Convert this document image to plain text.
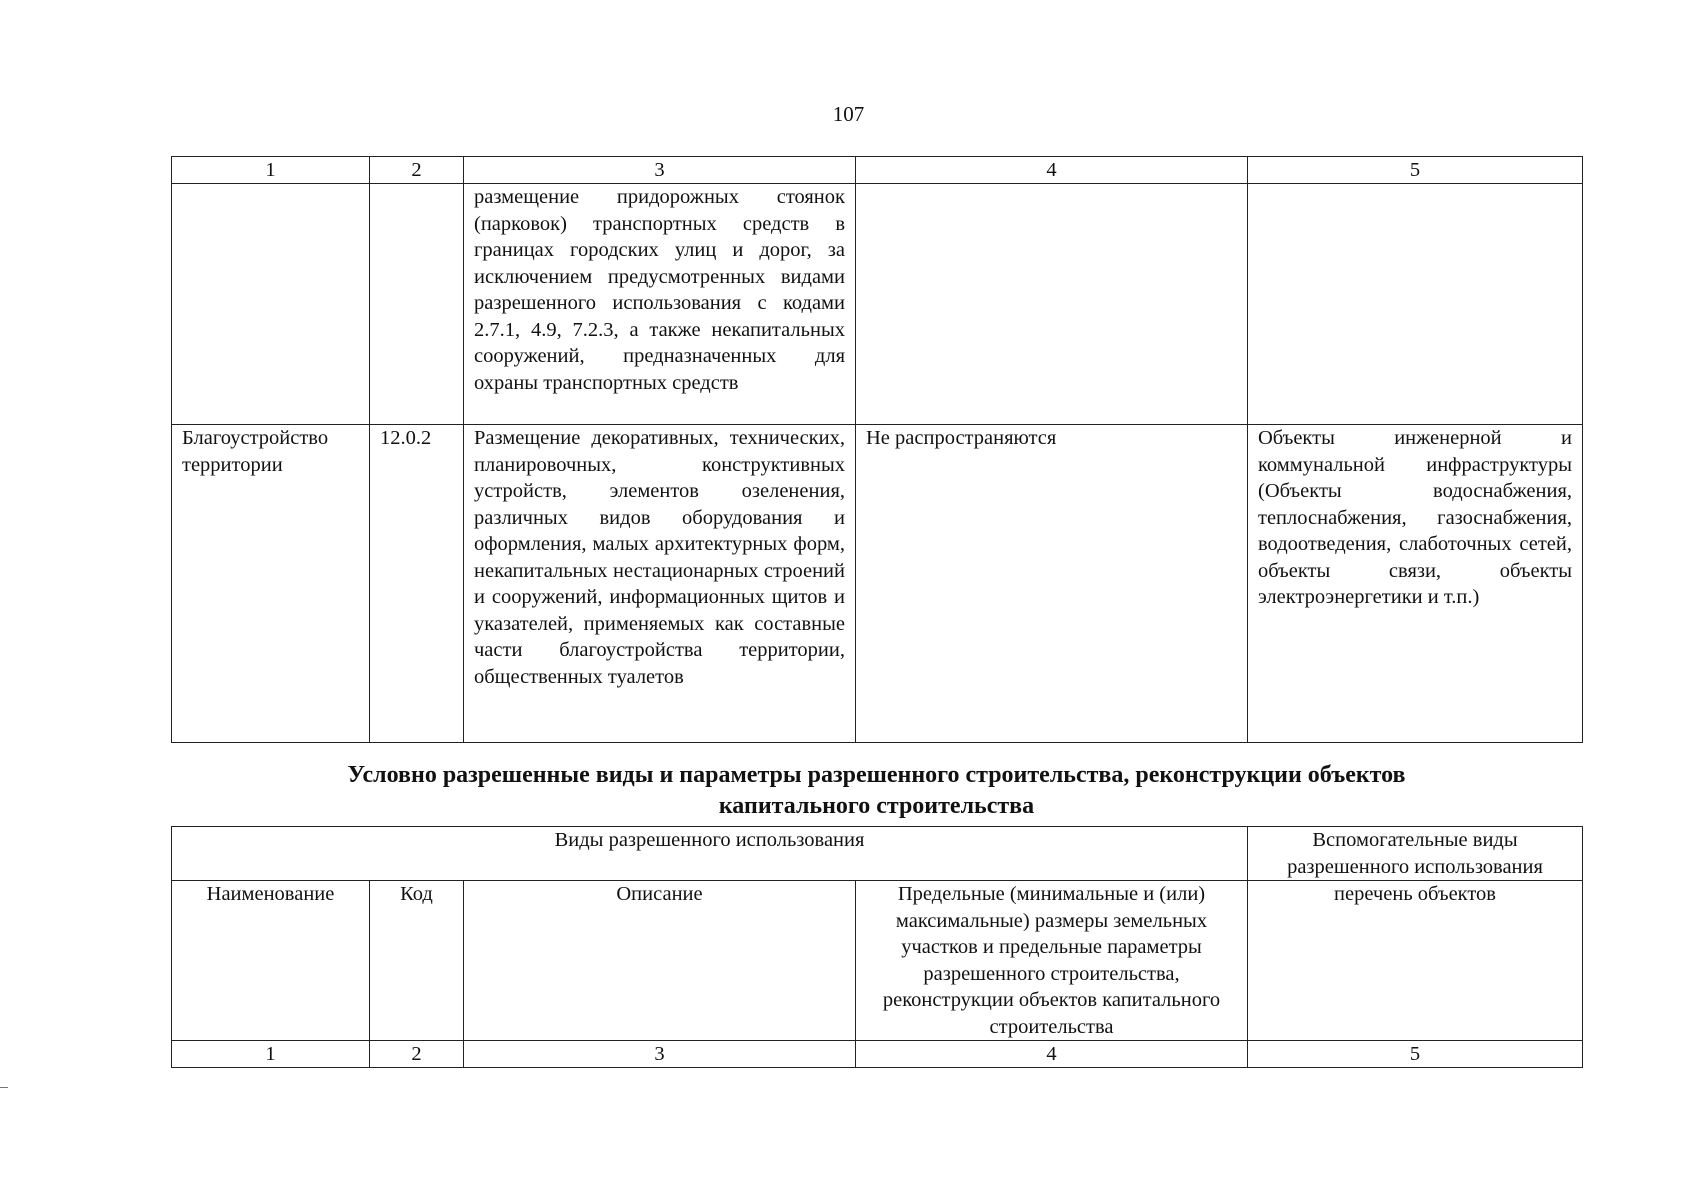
107
1	2	3	4	5
		размещение придорожных стоянок (парковок) транспортных средств в границах городских улиц и дорог, за исключением предусмотренных видами разрешенного использования с кодами 2.7.1, 4.9, 7.2.3, а также некапитальных сооружений, предназначенных для охраны транспортных средств		
Благоустройство территории	12.0.2	Размещение декоративных, технических, планировочных, конструктивных устройств, элементов озеленения, различных видов оборудования и оформления, малых архитектурных форм, некапитальных нестационарных строений и сооружений, информационных щитов и указателей, применяемых как составные части благоустройства территории, общественных туалетов	Не распространяются	Объекты инженерной и коммунальной инфраструктуры (Объекты водоснабжения, теплоснабжения, газоснабжения, водоотведения, слаботочных сетей, объекты связи, объекты электроэнергетики и т.п.)
Условно разрешенные виды и параметры разрешенного строительства, реконструкции объектов
капитального строительства
Виды разрешенного использования				Вспомогательные виды разрешенного использования
Наименование	Код	Описание	Предельные (минимальные и (или) максимальные) размеры земельных участков и предельные параметры разрешенного строительства, реконструкции объектов капитального строительства	перечень объектов
1	2	3	4	5
